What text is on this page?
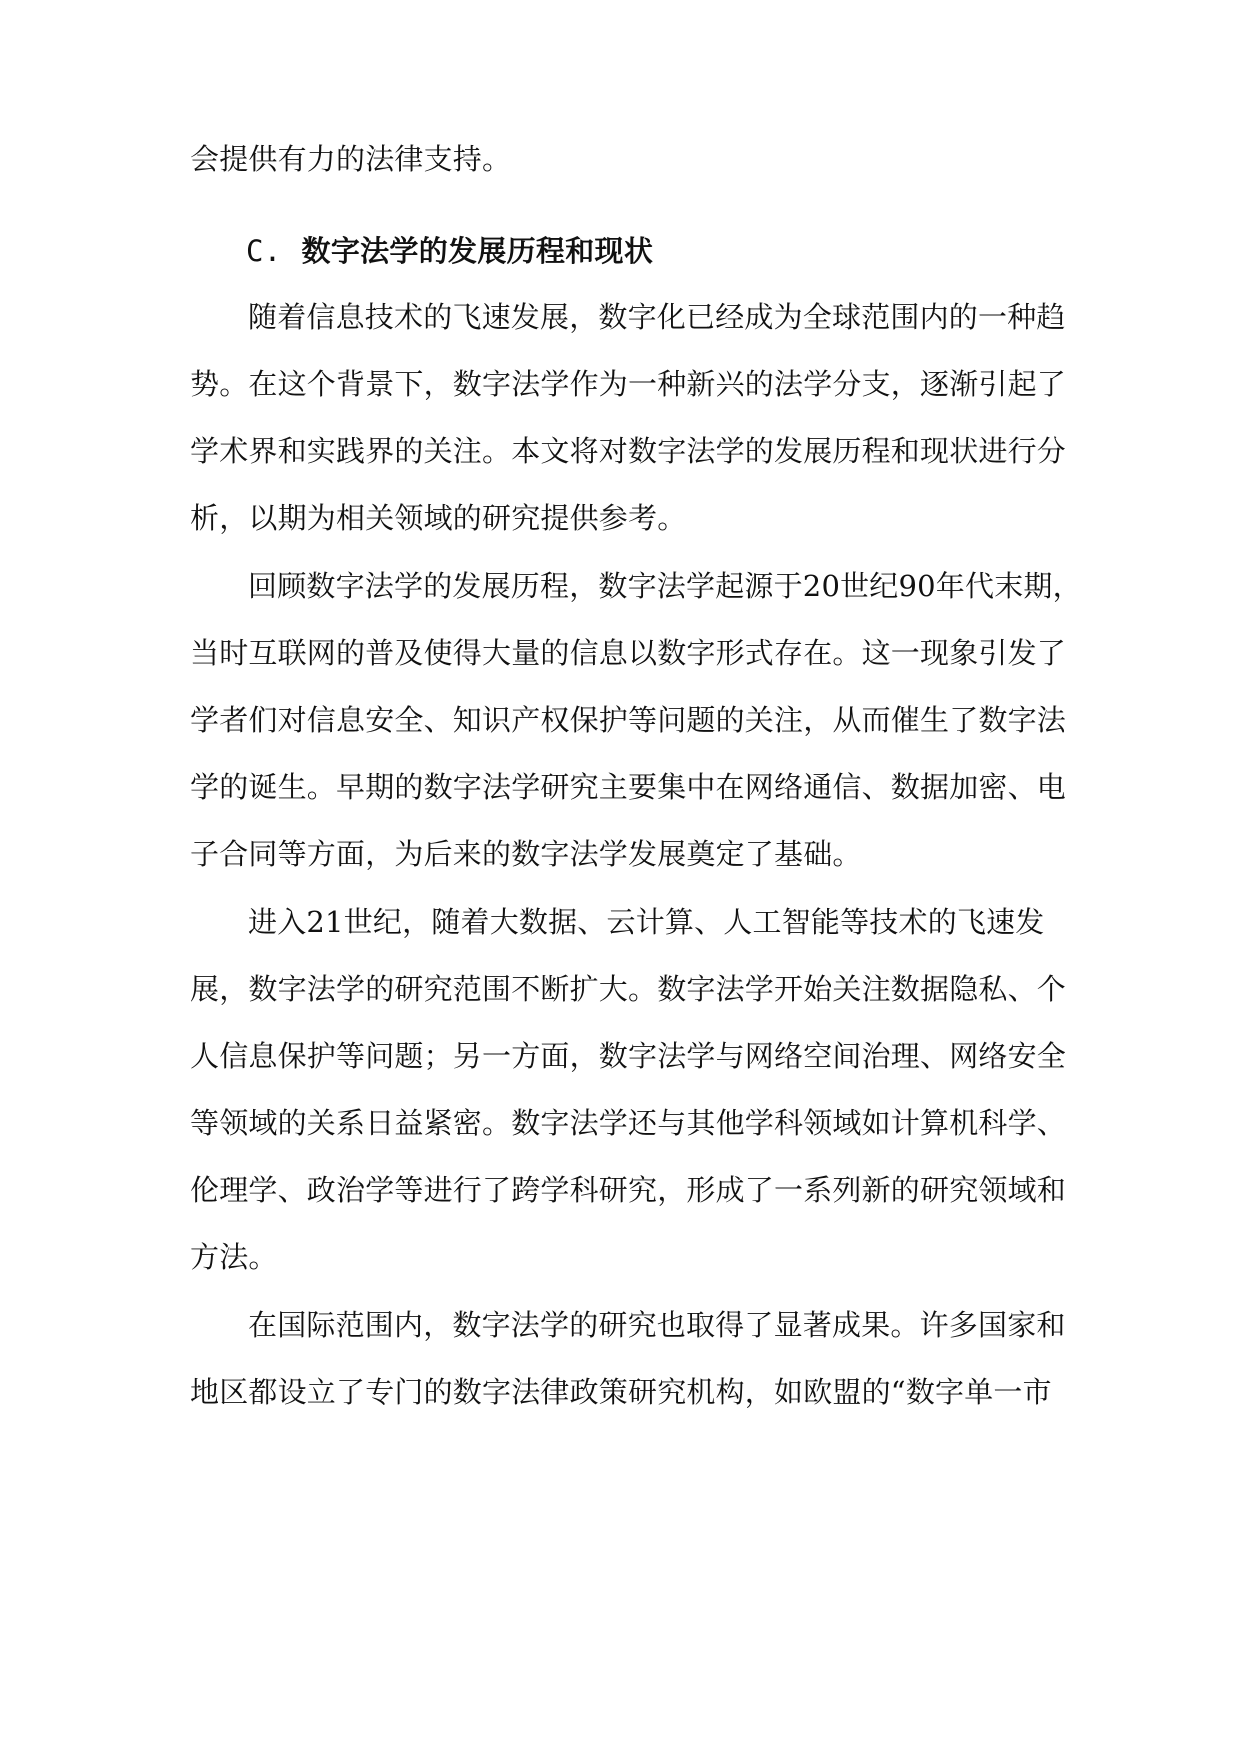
会提供有力的法律支持。
C. 数字法学的发展历程和现状
随着信息技术的飞速发展，数字化已经成为全球范围内的一种趋
势。在这个背景下，数字法学作为一种新兴的法学分支，逐渐引起了
学术界和实践界的关注。本文将对数字法学的发展历程和现状进行分
析，以期为相关领域的研究提供参考。
回顾数字法学的发展历程，数字法学起源于20世纪90年代末期，
当时互联网的普及使得大量的信息以数字形式存在。这一现象引发了
学者们对信息安全、知识产权保护等问题的关注，从而催生了数字法
学的诞生。早期的数字法学研究主要集中在网络通信、数据加密、电
子合同等方面，为后来的数字法学发展奠定了基础。
进入21世纪，随着大数据、云计算、人工智能等技术的飞速发
展，数字法学的研究范围不断扩大。数字法学开始关注数据隐私、个
人信息保护等问题；另一方面，数字法学与网络空间治理、网络安全
等领域的关系日益紧密。数字法学还与其他学科领域如计算机科学、
伦理学、政治学等进行了跨学科研究，形成了一系列新的研究领域和
方法。
在国际范围内，数字法学的研究也取得了显著成果。许多国家和
地区都设立了专门的数字法律政策研究机构，如欧盟的“数字单一市
